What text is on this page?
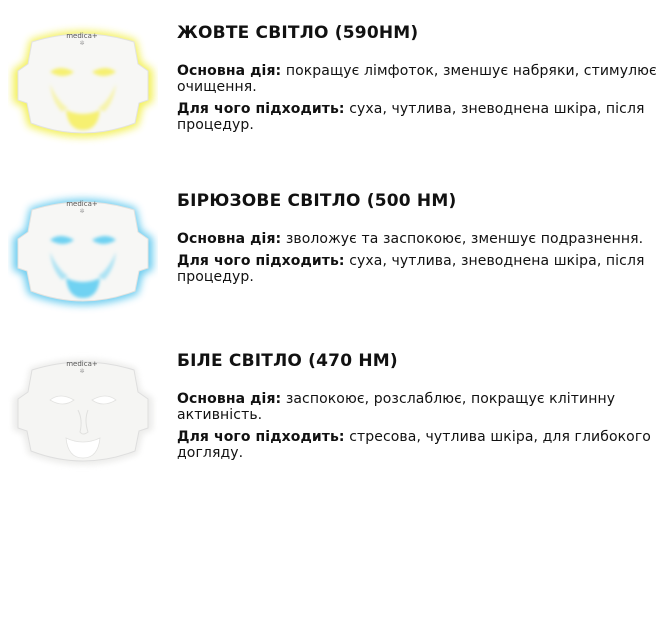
medica+
✲
ЖОВТЕ СВІТЛО (590НМ)
Основна дія: покращує лімфоток, зменшує набряки, стимулює очищення.
Для чого підходить: суха, чутлива, зневоднена шкіра, після процедур.
medica+
✲
БІРЮЗОВЕ СВІТЛО (500 НМ)
Основна дія: зволожує та заспокоює, зменшує подразнення.
Для чого підходить: суха, чутлива, зневоднена шкіра, після процедур.
medica+
✲
БІЛЕ СВІТЛО (470 НМ)
Основна дія: заспокоює, розслаблює, покращує клітинну активність.
Для чого підходить: стресова, чутлива шкіра, для глибокого догляду.
